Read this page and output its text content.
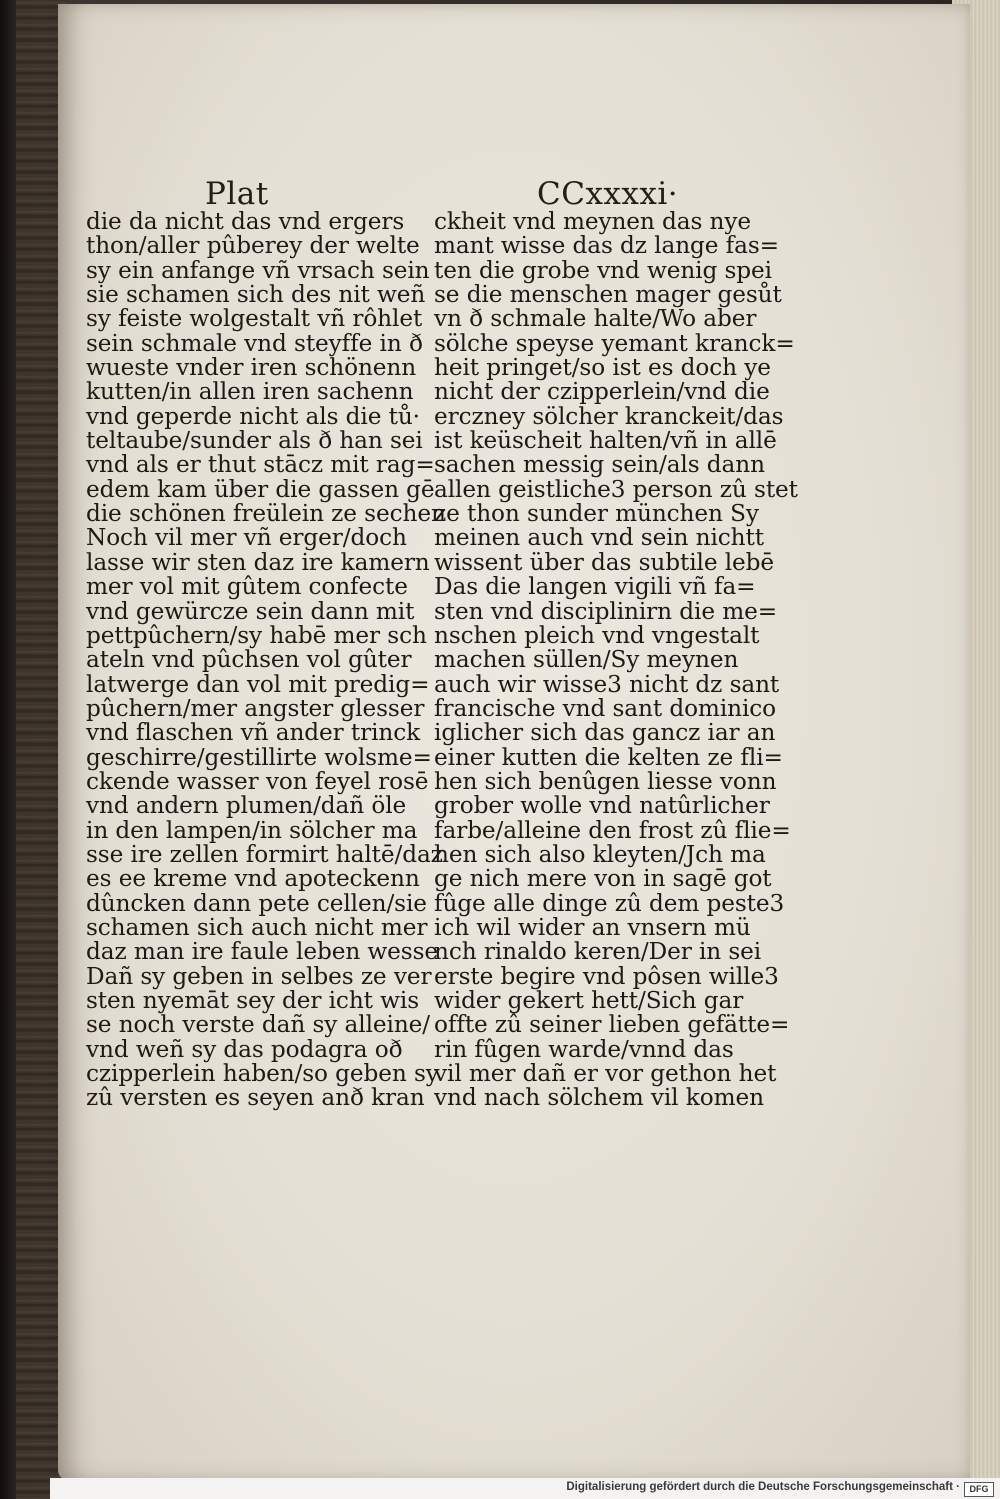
Plat	CCxxxxi·
die da nicht das vnd ergers
thon/aller pûberey der welte
sy ein anfange vñ vrsach sein
sie schamen sich des nit weñ
sy feiste wolgestalt vñ rôhlet
sein schmale vnd steyffe in ð
wueste vnder iren schönenn
kutten/in allen iren sachenn
vnd geperde nicht als die tů·
teltaube/sunder als ð han sei
vnd als er thut stācz mit rag=
edem kam über die gassen gē
die schönen freülein ze sechen
Noch vil mer vñ erger/doch
lasse wir sten daz ire kamern
mer vol mit gûtem confecte
vnd gewürcze sein dann mit
pettpûchern/sy habē mer sch
ateln vnd pûchsen vol gûter
latwerge dan vol mit predig=
pûchern/mer angster glesser
vnd flaschen vñ ander trinck
geschirre/gestillirte wolsme=
ckende wasser von feyel rosē
vnd andern plumen/dañ öle
in den lampen/in sölcher ma
sse ire zellen formirt haltē/daz
es ee kreme vnd apoteckenn
dûncken dann pete cellen/sie
schamen sich auch nicht mer
daz man ire faule leben wesse
Dañ sy geben in selbes ze ver
sten nyemāt sey der icht wis
se noch verste dañ sy alleine/
vnd weñ sy das podagra oð
czipperlein haben/so geben sy
zû versten es seyen anð kran
ckheit vnd meynen das nye
mant wisse das dz lange fas=
ten die grobe vnd wenig spei
se die menschen mager gesůt
vn ð schmale halte/Wo aber
sölche speyse yemant kranck=
heit pringet/so ist es doch ye
nicht der czipperlein/vnd die
erczney sölcher kranckeit/das
ist keüscheit halten/vñ in allē
sachen messig sein/als dann
allen geistliche3 person zû stet
ze thon sunder münchen Sy
meinen auch vnd sein nichtt
wissent über das subtile lebē
Das die langen vigili vñ fa=
sten vnd disciplinirn die me=
nschen pleich vnd vngestalt
machen süllen/Sy meynen
auch wir wisse3 nicht dz sant
francische vnd sant dominico
iglicher sich das gancz iar an
einer kutten die kelten ze fli=
hen sich benûgen liesse vonn
grober wolle vnd natûrlicher
farbe/alleine den frost zû flie=
hen sich also kleyten/Jch ma
ge nich mere von in sagē got
fûge alle dinge zû dem peste3
ich wil wider an vnsern mü
nch rinaldo keren/Der in sei
erste begire vnd pôsen wille3
wider gekert hett/Sich gar
offte zû seiner lieben gefätte=
rin fûgen warde/vnnd das
vil mer dañ er vor gethon het
vnd nach sölchem vil komen
Digitalisierung gefördert durch die Deutsche Forschungsgemeinschaft ·	DFG
